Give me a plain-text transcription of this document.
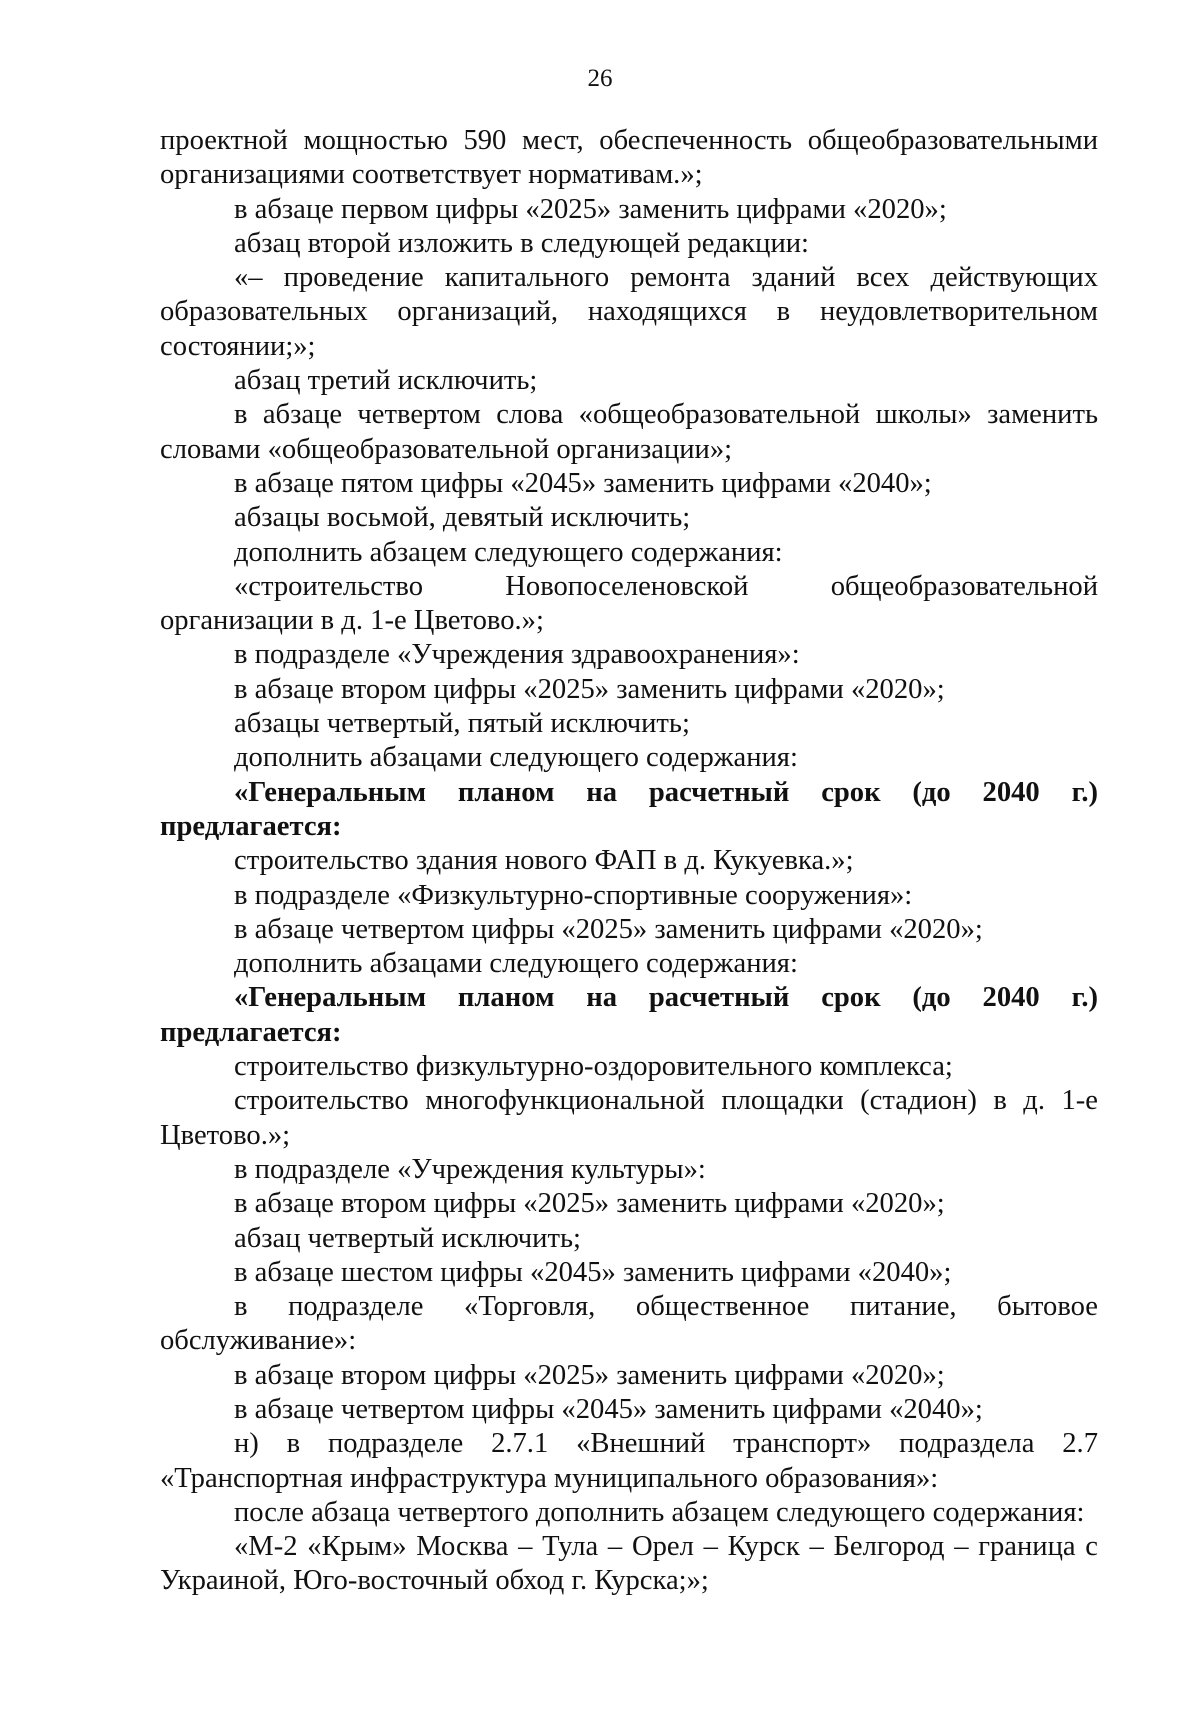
26

проектной мощностью 590 мест, обеспеченность общеобразовательными организациями соответствует нормативам.»;

в абзаце первом цифры «2025» заменить цифрами «2020»;

абзац второй изложить в следующей редакции:

«– проведение капитального ремонта зданий всех действующих образовательных организаций, находящихся в неудовлетворительном состоянии;»;

абзац третий исключить;

в абзаце четвертом слова «общеобразовательной школы» заменить словами «общеобразовательной организации»;

в абзаце пятом цифры «2045» заменить цифрами «2040»;

абзацы восьмой, девятый исключить;

дополнить абзацем следующего содержания:

«строительство Новопоселеновской общеобразовательной организации в д. 1-е Цветово.»;

в подразделе «Учреждения здравоохранения»:

в абзаце втором цифры «2025» заменить цифрами «2020»;

абзацы четвертый, пятый исключить;

дополнить абзацами следующего содержания:

«Генеральным планом на расчетный срок (до 2040 г.) предлагается:

строительство здания нового ФАП в д. Кукуевка.»;

в подразделе «Физкультурно-спортивные сооружения»:

в абзаце четвертом цифры «2025» заменить цифрами «2020»;

дополнить абзацами следующего содержания:

«Генеральным планом на расчетный срок (до 2040 г.) предлагается:

строительство физкультурно-оздоровительного комплекса;

строительство многофункциональной площадки (стадион) в д. 1-е Цветово.»;

в подразделе «Учреждения культуры»:

в абзаце втором цифры «2025» заменить цифрами «2020»;

абзац четвертый исключить;

в абзаце шестом цифры «2045» заменить цифрами «2040»;

в подразделе «Торговля, общественное питание, бытовое обслуживание»:

в абзаце втором цифры «2025» заменить цифрами «2020»;

в абзаце четвертом цифры «2045» заменить цифрами «2040»;

н) в подразделе 2.7.1 «Внешний транспорт» подраздела 2.7 «Транспортная инфраструктура муниципального образования»:

после абзаца четвертого дополнить абзацем следующего содержания:

«М-2 «Крым» Москва – Тула – Орел – Курск – Белгород – граница с Украиной, Юго-восточный обход г. Курска;»;
